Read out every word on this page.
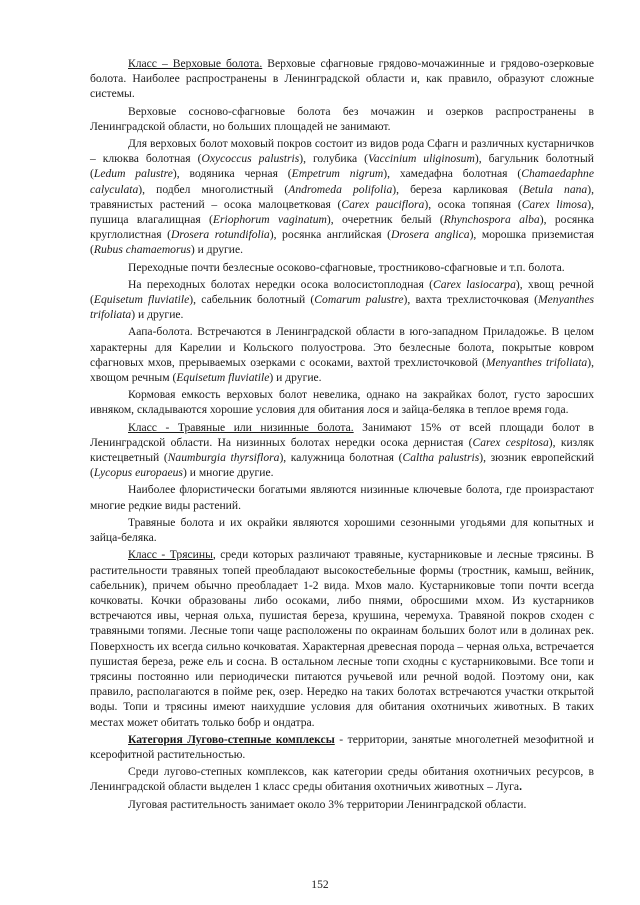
Класс – Верховые болота. Верховые сфагновые грядово-мочажинные и грядово-озерковые болота. Наиболее распространены в Ленинградской области и, как правило, образуют сложные системы.

Верховые сосново-сфагновые болота без мочажин и озерков распространены в Ленинградской области, но больших площадей не занимают.

Для верховых болот моховый покров состоит из видов рода Сфагн и различных кустарничков – клюква болотная (Oxycoccus palustris), голубика (Vaccinium uliginosum), багульник болотный (Ledum palustre), водяника черная (Empetrum nigrum), хамедафна болотная (Chamaedaphne calyculata), подбел многолистный (Andromeda polifolia), береза карликовая (Betula nana), травянистых растений – осока малоцветковая (Carex pauciflora), осока топяная (Carex limosa), пушица влагалищная (Eriophorum vaginatum), очеретник белый (Rhynchospora alba), росянка круглолистная (Drosera rotundifolia), росянка английская (Drosera anglica), морошка приземистая (Rubus chamaemorus) и другие.

Переходные почти безлесные осоково-сфагновые, тростниково-сфагновые и т.п. болота.

На переходных болотах нередки осока волосистоплодная (Carex lasiocarpa), хвощ речной (Equisetum fluviatile), сабельник болотный (Comarum palustre), вахта трехлисточковая (Menyanthes trifoliata) и другие.

Аапа-болота. Встречаются в Ленинградской области в юго-западном Приладожье. В целом характерны для Карелии и Кольского полуострова. Это безлесные болота, покрытые ковром сфагновых мхов, прерываемых озерками с осоками, вахтой трехлисточковой (Menyanthes trifoliata), хвощом речным (Equisetum fluviatile) и другие.

Кормовая емкость верховых болот невелика, однако на закрайках болот, густо заросших ивняком, складываются хорошие условия для обитания лося и зайца-беляка в теплое время года.

Класс - Травяные или низинные болота. Занимают 15% от всей площади болот в Ленинградской области. На низинных болотах нередки осока дернистая (Carex cespitosa), кизляк кистецветный (Naumburgia thyrsiflora), калужница болотная (Caltha palustris), зюзник европейский (Lycopus europaeus) и многие другие.

Наиболее флористически богатыми являются низинные ключевые болота, где произрастают многие редкие виды растений.

Травяные болота и их окрайки являются хорошими сезонными угодьями для копытных и зайца-беляка.

Класс - Трясины, среди которых различают травяные, кустарниковые и лесные трясины. В растительности травяных топей преобладают высокостебельные формы (тростник, камыш, вейник, сабельник), причем обычно преобладает 1-2 вида. Мхов мало. Кустарниковые топи почти всегда кочковаты. Кочки образованы либо осоками, либо пнями, обросшими мхом. Из кустарников встречаются ивы, черная ольха, пушистая береза, крушина, черемуха. Травяной покров сходен с травяными топями. Лесные топи чаще расположены по окраинам больших болот или в долинах рек. Поверхность их всегда сильно кочковатая. Характерная древесная порода – черная ольха, встречается пушистая береза, реже ель и сосна. В остальном лесные топи сходны с кустарниковыми. Все топи и трясины постоянно или периодически питаются ручьевой или речной водой. Поэтому они, как правило, располагаются в пойме рек, озер. Нередко на таких болотах встречаются участки открытой воды. Топи и трясины имеют наихудшие условия для обитания охотничьих животных. В таких местах может обитать только бобр и ондатра.

Категория Лугово-степные комплексы - территории, занятые многолетней мезофитной и ксерофитной растительностью.

Среди лугово-степных комплексов, как категории среды обитания охотничьих ресурсов, в Ленинградской области выделен 1 класс среды обитания охотничьих животных – Луга.

Луговая растительность занимает около 3% территории Ленинградской области.

152
